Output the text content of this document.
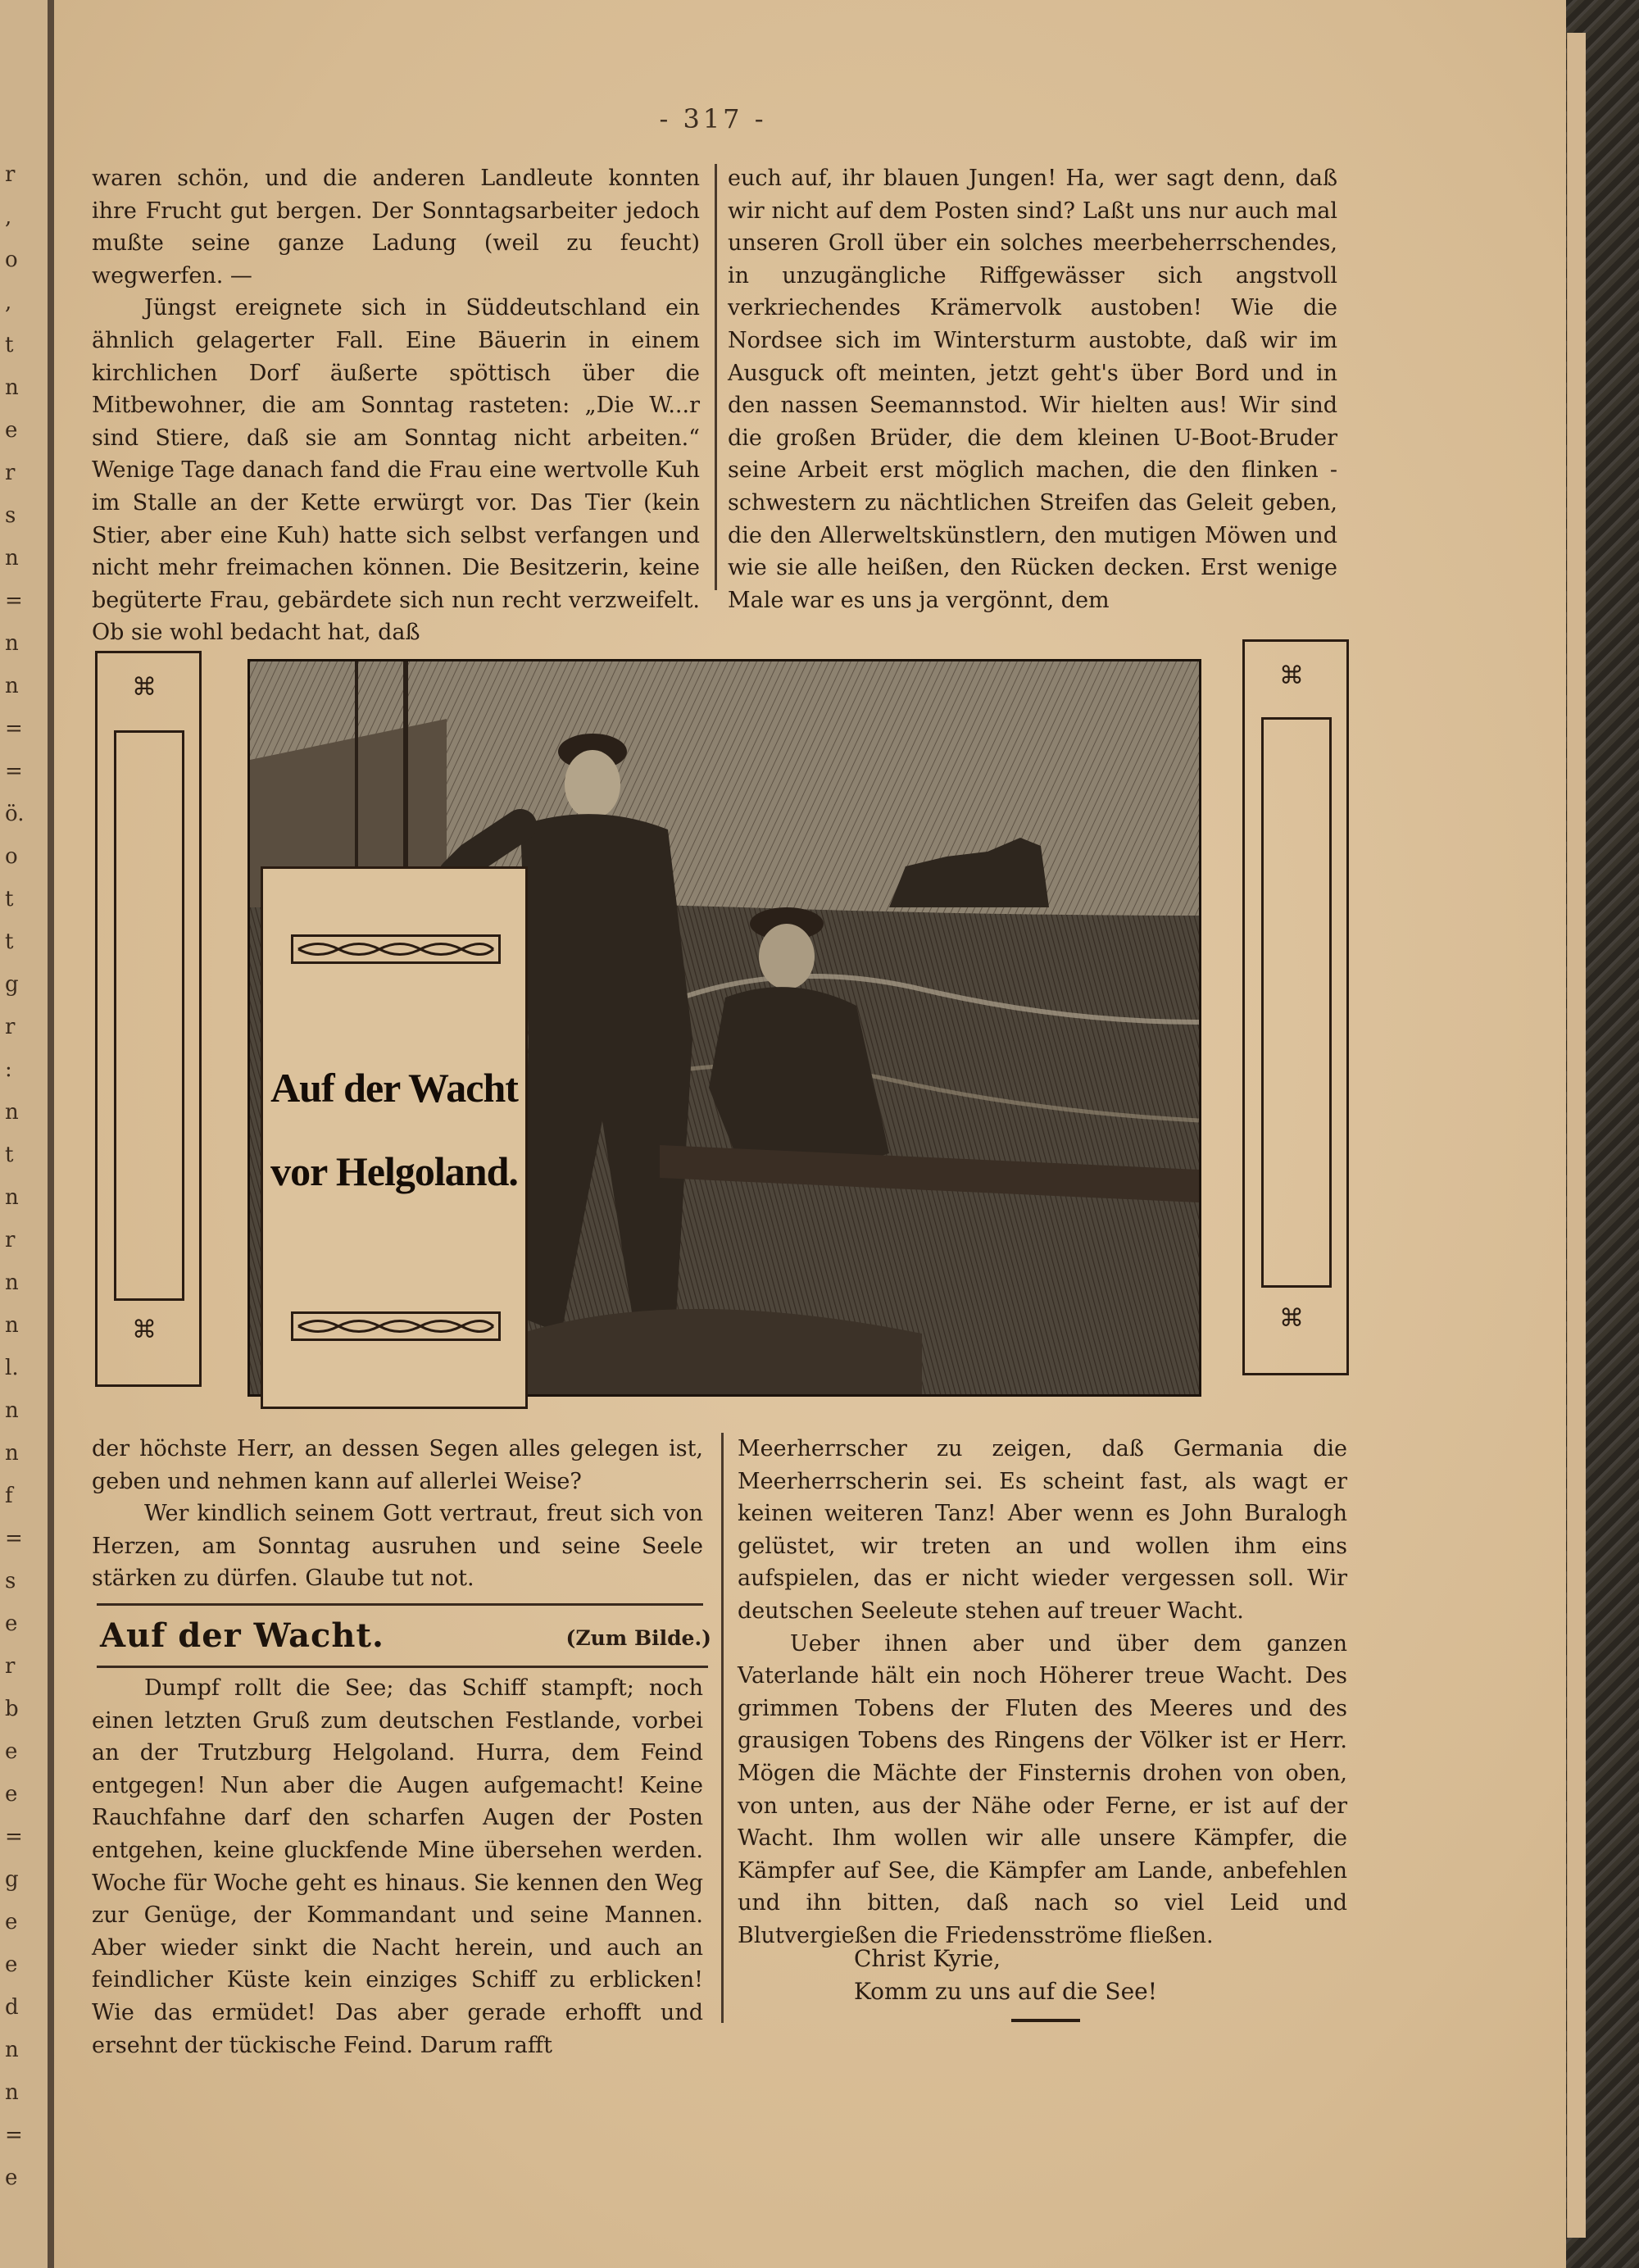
r
,
o
,
t
n
e
r
s
n
=
n
n
=
=
ö.
o
t
t
g
r
:
n
t
n
r
n
n
l.
n
n
f
=
s
e
r
b
e
e
=
g
e
e
d
n
n
=
e
- 317 -

waren schön, und die anderen Landleute konnten ihre Frucht gut bergen. Der Sonntagsarbeiter jedoch mußte seine ganze Ladung (weil zu feucht) wegwerfen. —

Jüngst ereignete sich in Süddeutschland ein ähnlich gelagerter Fall. Eine Bäuerin in einem kirchlichen Dorf äußerte spöttisch über die Mitbewohner, die am Sonntag rasteten: „Die W...r sind Stiere, daß sie am Sonntag nicht arbeiten.“ Wenige Tage danach fand die Frau eine wertvolle Kuh im Stalle an der Kette erwürgt vor. Das Tier (kein Stier, aber eine Kuh) hatte sich selbst verfangen und nicht mehr freimachen können. Die Besitzerin, keine begüterte Frau, gebärdete sich nun recht verzweifelt. Ob sie wohl bedacht hat, daß

euch auf, ihr blauen Jungen! Ha, wer sagt denn, daß wir nicht auf dem Posten sind? Laßt uns nur auch mal unseren Groll über ein solches meerbeherrschendes, in unzugängliche Riffgewässer sich angstvoll verkriechendes Krämervolk austoben! Wie die Nordsee sich im Wintersturm austobte, daß wir im Ausguck oft meinten, jetzt geht's über Bord und in den nassen Seemannstod. Wir hielten aus! Wir sind die großen Brüder, die dem kleinen U-Boot-Bruder seine Arbeit erst möglich machen, die den flinken -schwestern zu nächtlichen Streifen das Geleit geben, die den Allerweltskünstlern, den mutigen Möwen und wie sie alle heißen, den Rücken decken. Erst wenige Male war es uns ja vergönnt, dem

⌘
⌘
⌘
⌘
Auf der Wacht
vor Helgoland.

der höchste Herr, an dessen Segen alles gelegen ist, geben und nehmen kann auf allerlei Weise?

Wer kindlich seinem Gott vertraut, freut sich von Herzen, am Sonntag ausruhen und seine Seele stärken zu dürfen. Glaube tut not.

Auf der Wacht.	(Zum Bilde.)

Dumpf rollt die See; das Schiff stampft; noch einen letzten Gruß zum deutschen Festlande, vorbei an der Trutzburg Helgoland. Hurra, dem Feind entgegen! Nun aber die Augen aufgemacht! Keine Rauchfahne darf den scharfen Augen der Posten entgehen, keine gluckfende Mine übersehen werden. Woche für Woche geht es hinaus. Sie kennen den Weg zur Genüge, der Kommandant und seine Mannen. Aber wieder sinkt die Nacht herein, und auch an feindlicher Küste kein einziges Schiff zu erblicken! Wie das ermüdet! Das aber gerade erhofft und ersehnt der tückische Feind. Darum rafft

Meerherrscher zu zeigen, daß Germania die Meerherrscherin sei. Es scheint fast, als wagt er keinen weiteren Tanz! Aber wenn es John Buralogh gelüstet, wir treten an und wollen ihm eins aufspielen, das er nicht wieder vergessen soll. Wir deutschen Seeleute stehen auf treuer Wacht.

Ueber ihnen aber und über dem ganzen Vaterlande hält ein noch Höherer treue Wacht. Des grimmen Tobens der Fluten des Meeres und des grausigen Tobens des Ringens der Völker ist er Herr. Mögen die Mächte der Finsternis drohen von oben, von unten, aus der Nähe oder Ferne, er ist auf der Wacht. Ihm wollen wir alle unsere Kämpfer, die Kämpfer auf See, die Kämpfer am Lande, anbefehlen und ihn bitten, daß nach so viel Leid und Blutvergießen die Friedensströme fließen.

Christ Kyrie,

Komm zu uns auf die See!
